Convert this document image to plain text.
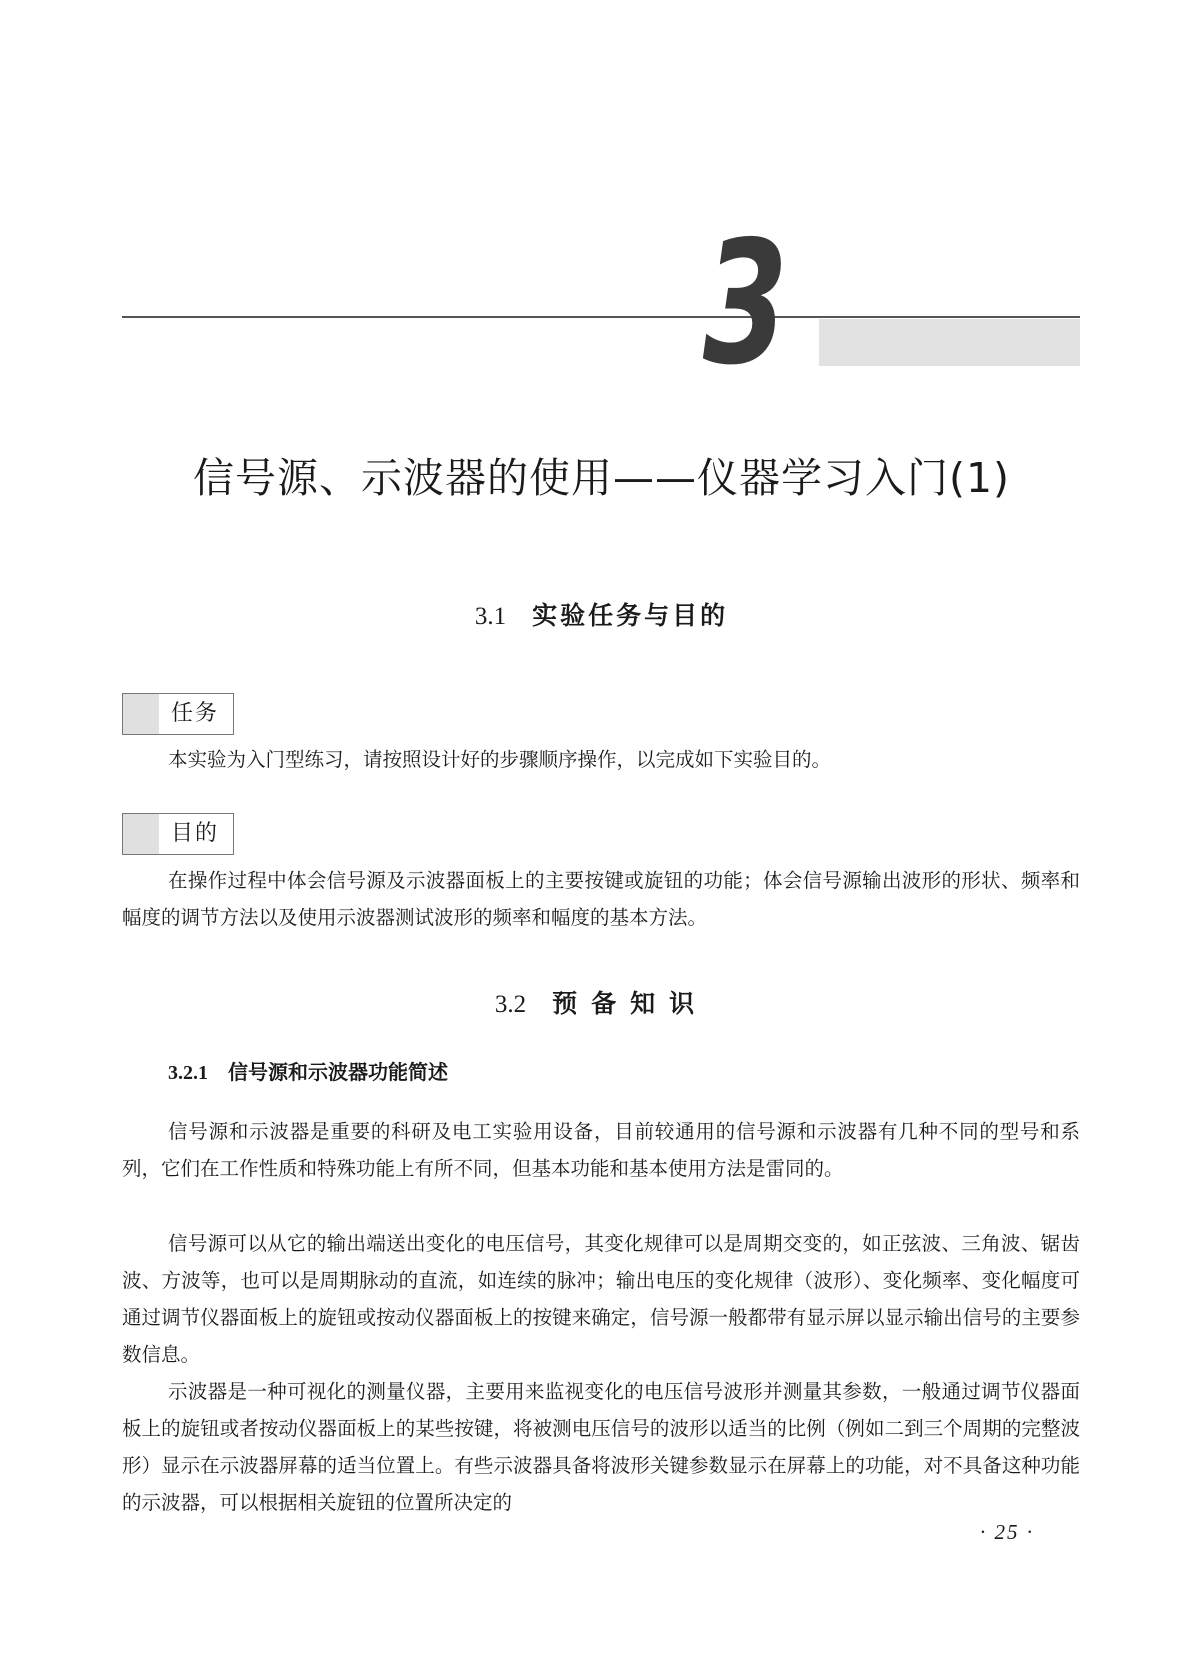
3
信号源、示波器的使用——仪器学习入门(1)
3.1 实验任务与目的
任务
本实验为入门型练习，请按照设计好的步骤顺序操作，以完成如下实验目的。
目的
在操作过程中体会信号源及示波器面板上的主要按键或旋钮的功能；体会信号源输出波形的形状、频率和幅度的调节方法以及使用示波器测试波形的频率和幅度的基本方法。
3.2 预备知识
3.2.1 信号源和示波器功能简述
信号源和示波器是重要的科研及电工实验用设备，目前较通用的信号源和示波器有几种不同的型号和系列，它们在工作性质和特殊功能上有所不同，但基本功能和基本使用方法是雷同的。
信号源可以从它的输出端送出变化的电压信号，其变化规律可以是周期交变的，如正弦波、三角波、锯齿波、方波等，也可以是周期脉动的直流，如连续的脉冲；输出电压的变化规律（波形）、变化频率、变化幅度可通过调节仪器面板上的旋钮或按动仪器面板上的按键来确定，信号源一般都带有显示屏以显示输出信号的主要参数信息。
示波器是一种可视化的测量仪器，主要用来监视变化的电压信号波形并测量其参数，一般通过调节仪器面板上的旋钮或者按动仪器面板上的某些按键，将被测电压信号的波形以适当的比例（例如二到三个周期的完整波形）显示在示波器屏幕的适当位置上。有些示波器具备将波形关键参数显示在屏幕上的功能，对不具备这种功能的示波器，可以根据相关旋钮的位置所决定的
· 25 ·
